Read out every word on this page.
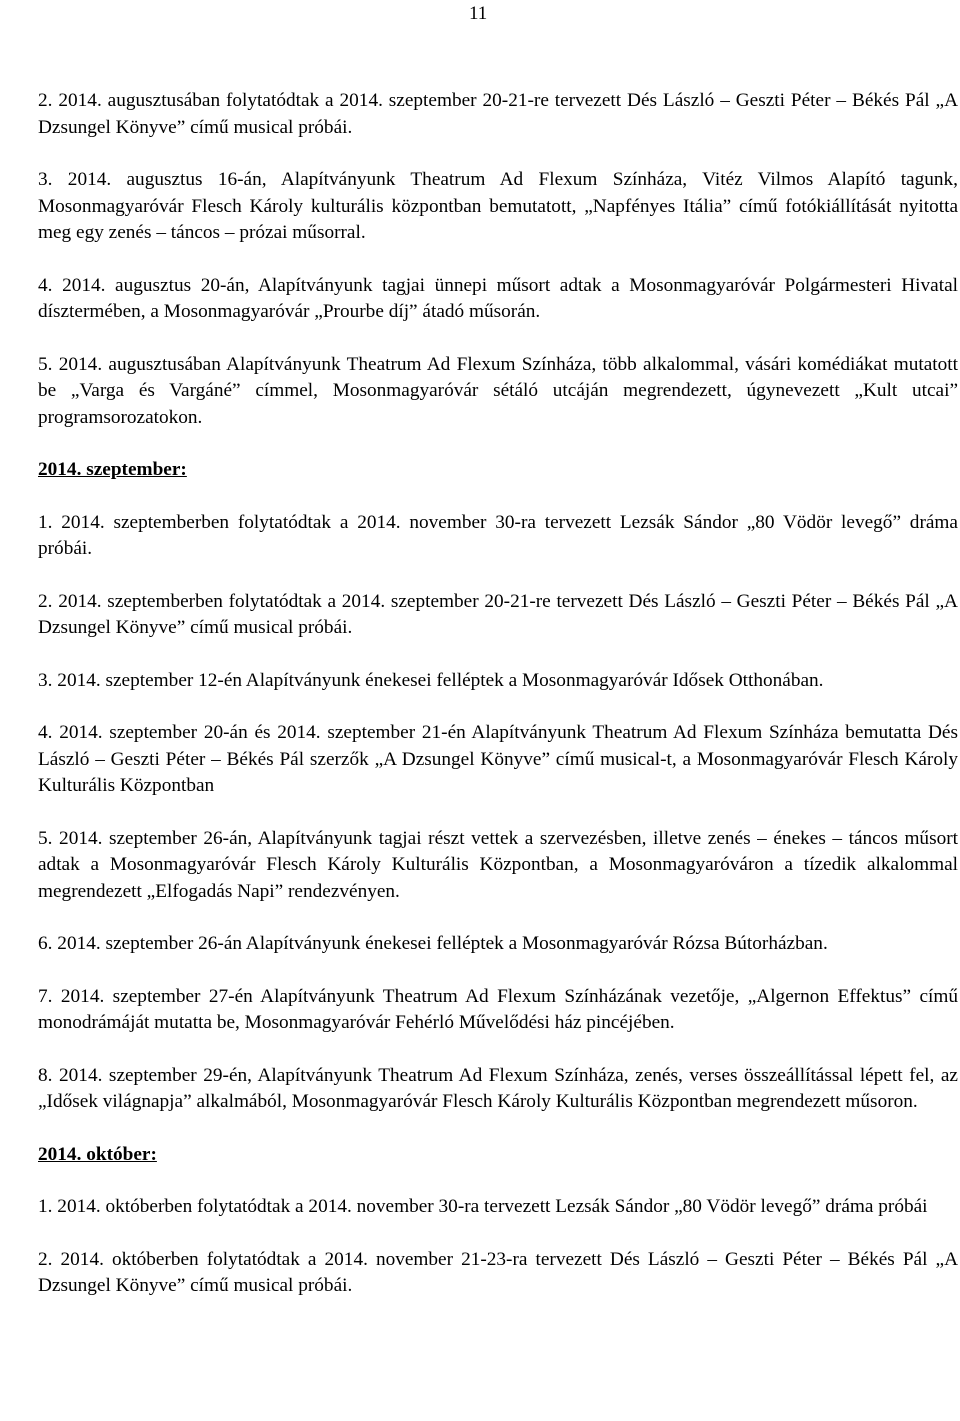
11
2. 2014. augusztusában folytatódtak a 2014. szeptember 20-21-re tervezett Dés László – Geszti Péter – Békés Pál „A Dzsungel Könyve” című musical próbái.
3. 2014. augusztus 16-án, Alapítványunk Theatrum Ad Flexum Színháza, Vitéz Vilmos Alapító tagunk, Mosonmagyaróvár Flesch Károly kulturális központban bemutatott, „Napfényes Itália” című fotókiállítását nyitotta meg egy zenés – táncos – prózai műsorral.
4. 2014. augusztus 20-án, Alapítványunk tagjai ünnepi műsort adtak a Mosonmagyaróvár Polgármesteri Hivatal dísztermében, a Mosonmagyaróvár „Prourbe díj” átadó műsorán.
5. 2014. augusztusában Alapítványunk Theatrum Ad Flexum Színháza, több alkalommal, vásári komédiákat mutatott be „Varga és Vargáné” címmel, Mosonmagyaróvár sétáló utcáján megrendezett, úgynevezett „Kult utcai” programsorozatokon.
2014. szeptember:
1. 2014. szeptemberben folytatódtak a 2014. november 30-ra tervezett Lezsák Sándor „80 Vödör levegő” dráma próbái.
2. 2014. szeptemberben folytatódtak a 2014. szeptember 20-21-re tervezett Dés László – Geszti Péter – Békés Pál „A Dzsungel Könyve” című musical próbái.
3. 2014. szeptember 12-én Alapítványunk énekesei felléptek a Mosonmagyaróvár Idősek Otthonában.
4. 2014. szeptember 20-án és 2014. szeptember 21-én Alapítványunk Theatrum Ad Flexum Színháza bemutatta Dés László – Geszti Péter – Békés Pál szerzők „A Dzsungel Könyve” című musical-t, a Mosonmagyaróvár Flesch Károly Kulturális Központban
5. 2014. szeptember 26-án, Alapítványunk tagjai részt vettek a szervezésben, illetve zenés – énekes – táncos műsort adtak a Mosonmagyaróvár Flesch Károly Kulturális Központban, a Mosonmagyaróváron a tízedik alkalommal megrendezett „Elfogadás Napi” rendezvényen.
6. 2014. szeptember 26-án Alapítványunk énekesei felléptek a Mosonmagyaróvár Rózsa Bútorházban.
7. 2014. szeptember 27-én Alapítványunk Theatrum Ad Flexum Színházának vezetője, „Algernon Effektus” című monodrámáját mutatta be, Mosonmagyaróvár Fehérló Művelődési ház pincéjében.
8. 2014. szeptember 29-én, Alapítványunk Theatrum Ad Flexum Színháza, zenés, verses összeállítással lépett fel, az „Idősek világnapja” alkalmából, Mosonmagyaróvár Flesch Károly Kulturális Központban megrendezett műsoron.
2014. október:
1. 2014. októberben folytatódtak a 2014. november 30-ra tervezett Lezsák Sándor „80 Vödör levegő” dráma próbái
2. 2014. októberben folytatódtak a 2014. november 21-23-ra tervezett Dés László – Geszti Péter – Békés Pál „A Dzsungel Könyve” című musical próbái.
